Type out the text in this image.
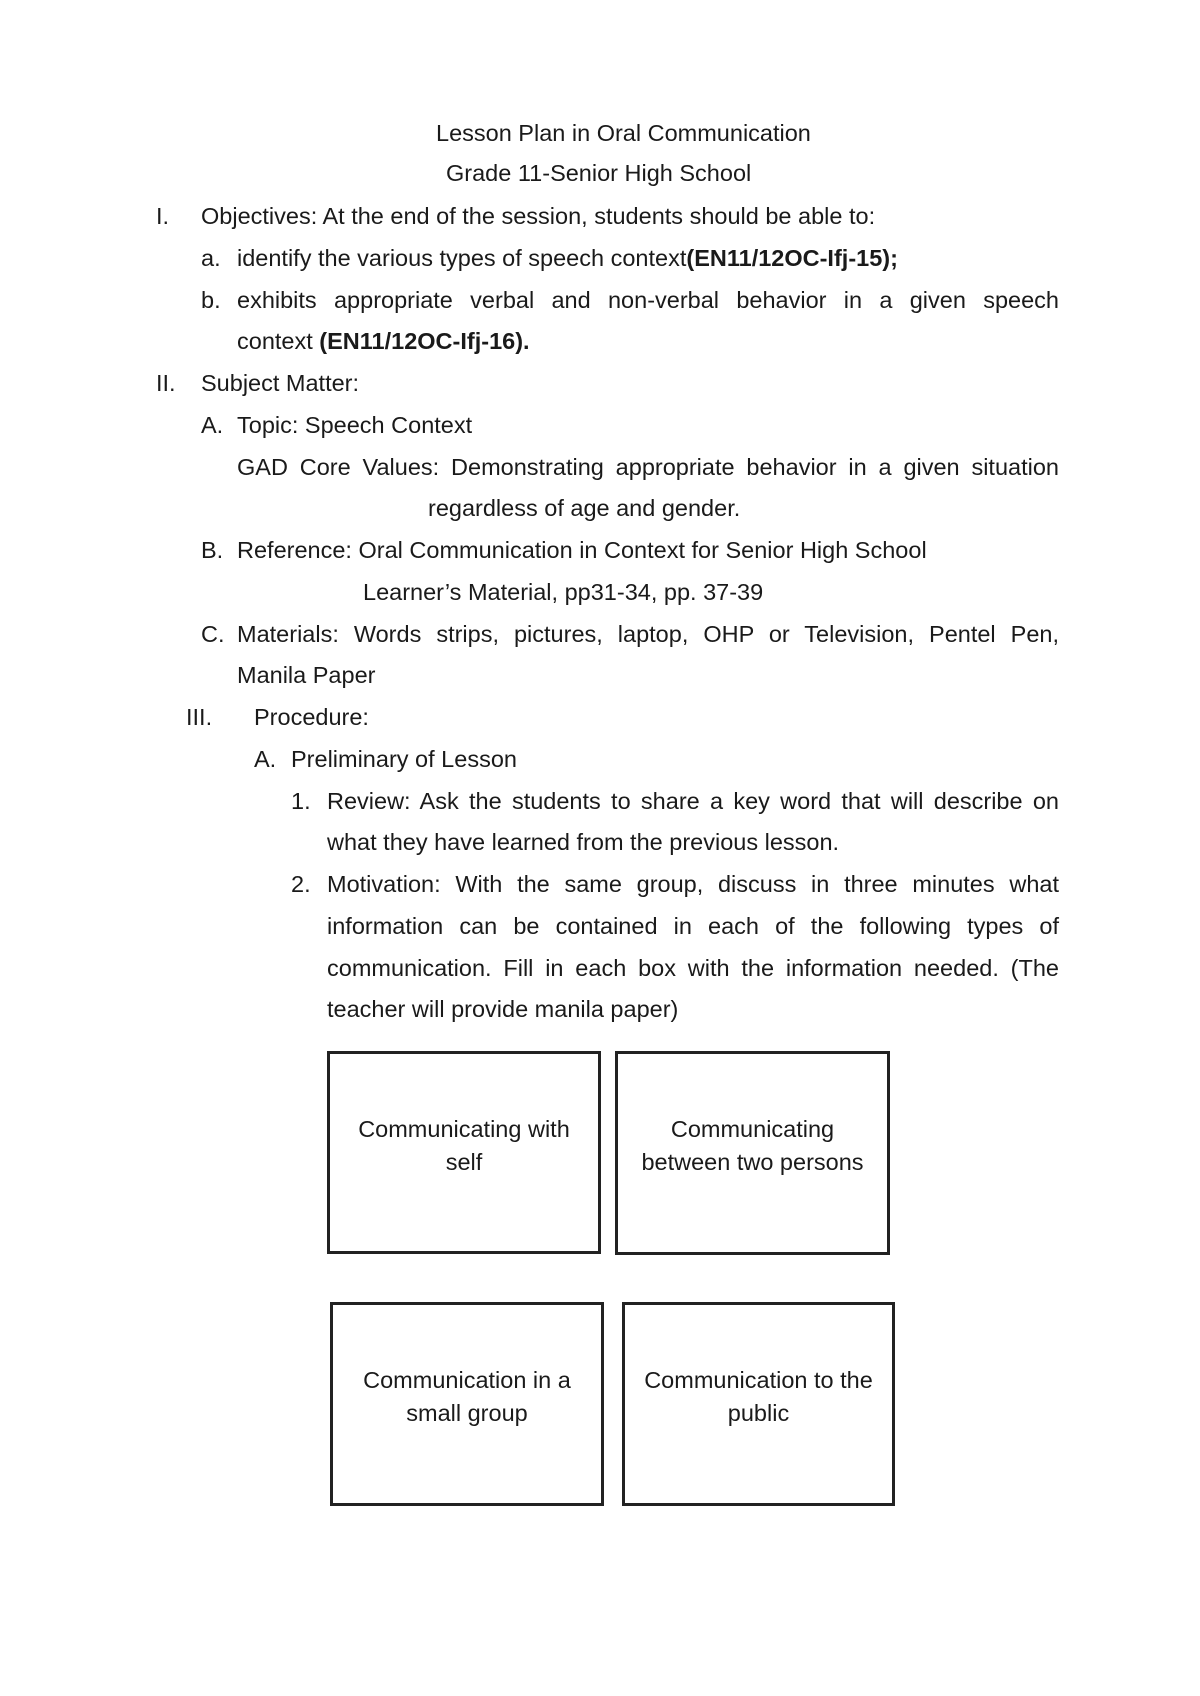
Lesson Plan in Oral Communication
Grade 11-Senior High School
I. Objectives: At the end of the session, students should be able to:
a. identify the various types of speech context(EN11/12OC-Ifj-15);
b. exhibits appropriate verbal and non-verbal behavior in a given speech
context (EN11/12OC-Ifj-16).
II. Subject Matter:
A. Topic: Speech Context
GAD Core Values: Demonstrating appropriate behavior in a given situation
regardless of age and gender.
B. Reference: Oral Communication in Context for Senior High School
Learner’s Material, pp31-34, pp. 37-39
C. Materials: Words strips, pictures, laptop, OHP or Television, Pentel Pen,
Manila Paper
III. Procedure:
A. Preliminary of Lesson
1. Review: Ask the students to share a key word that will describe on
what they have learned from the previous lesson.
2. Motivation: With the same group, discuss in three minutes what
information can be contained in each of the following types of
communication. Fill in each box with the information needed. (The
teacher will provide manila paper)
Communicating with self
Communicating between two persons
Communication in a small group
Communication to the public
